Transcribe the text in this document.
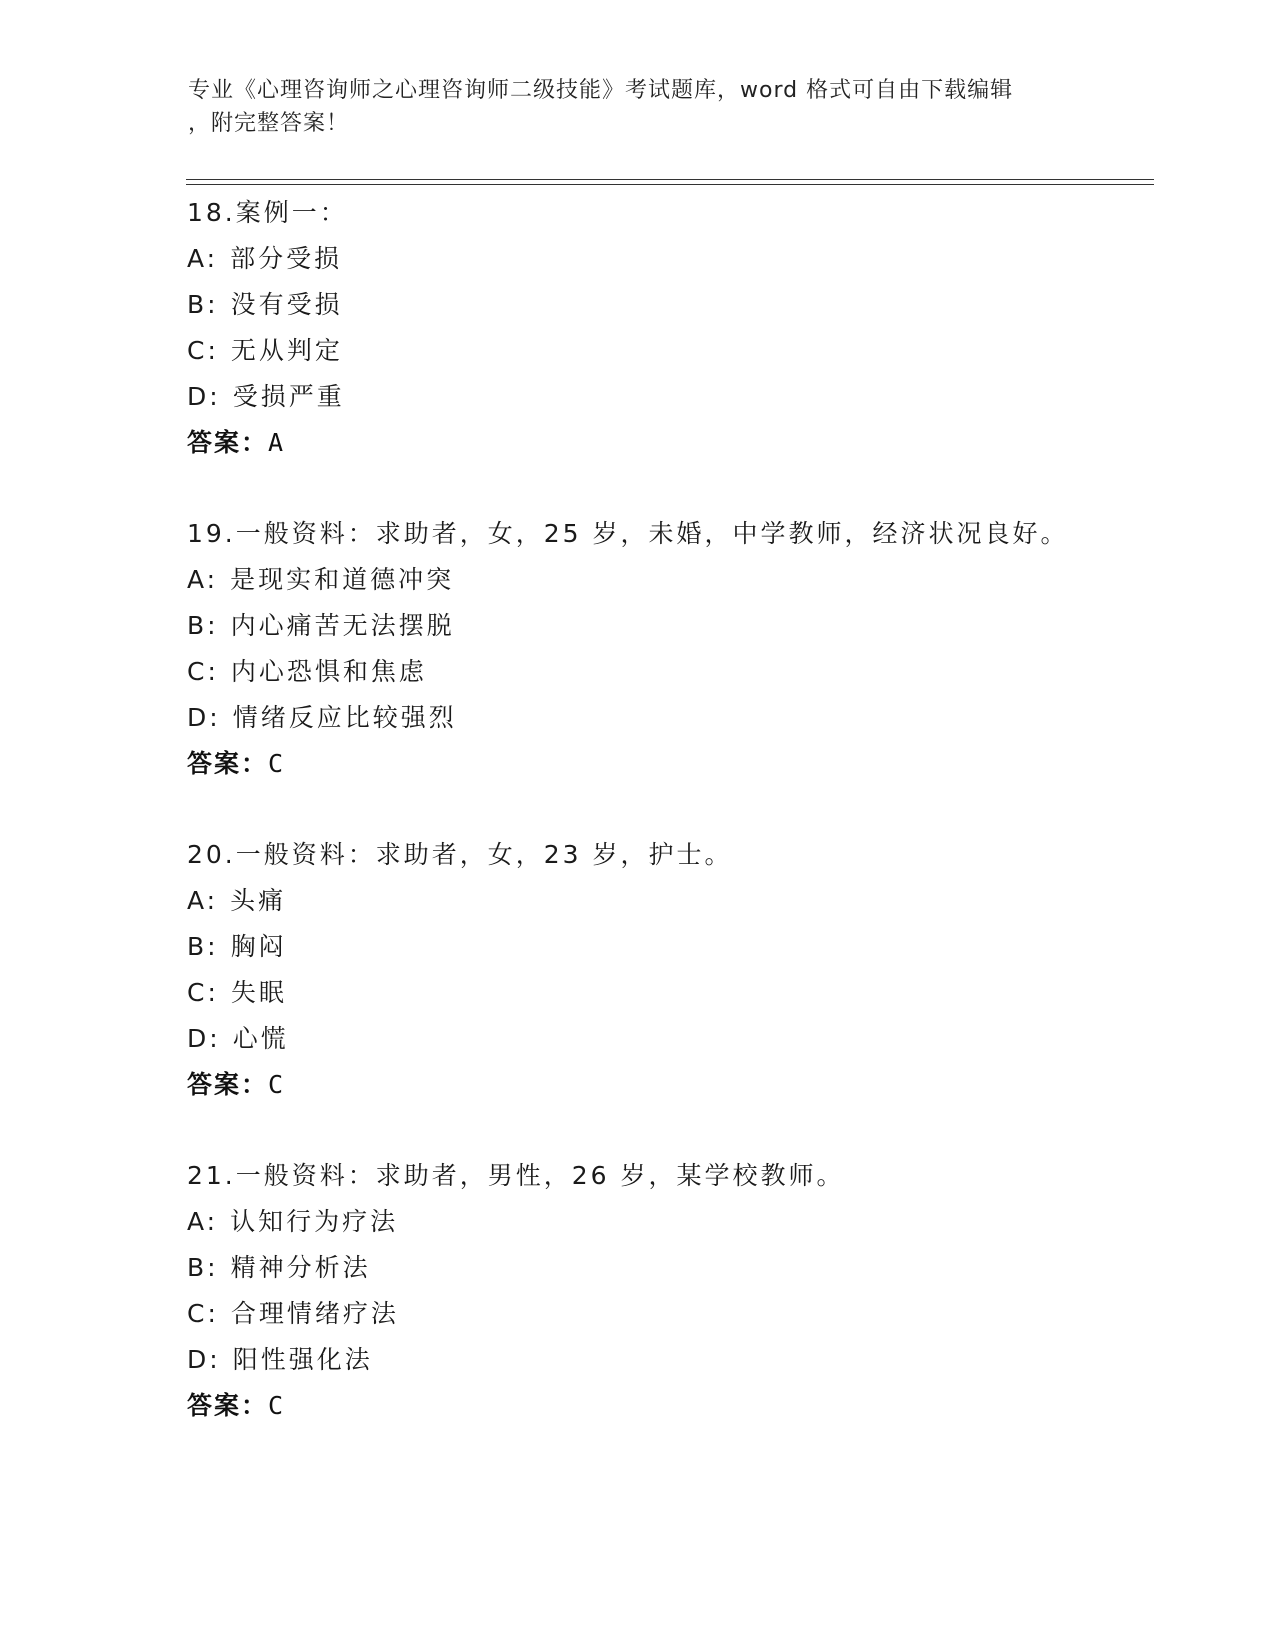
专业《心理咨询师之心理咨询师二级技能》考试题库，word 格式可自由下载编辑
，附完整答案！
18.案例一：
A: 部分受损
B: 没有受损
C: 无从判定
D: 受损严重
答案：A
19.一般资料：求助者，女，25 岁，未婚，中学教师，经济状况良好。
A: 是现实和道德冲突
B: 内心痛苦无法摆脱
C: 内心恐惧和焦虑
D: 情绪反应比较强烈
答案：C
20.一般资料：求助者，女，23 岁，护士。
A: 头痛
B: 胸闷
C: 失眠
D: 心慌
答案：C
21.一般资料：求助者，男性，26 岁，某学校教师。
A: 认知行为疗法
B: 精神分析法
C: 合理情绪疗法
D: 阳性强化法
答案：C
